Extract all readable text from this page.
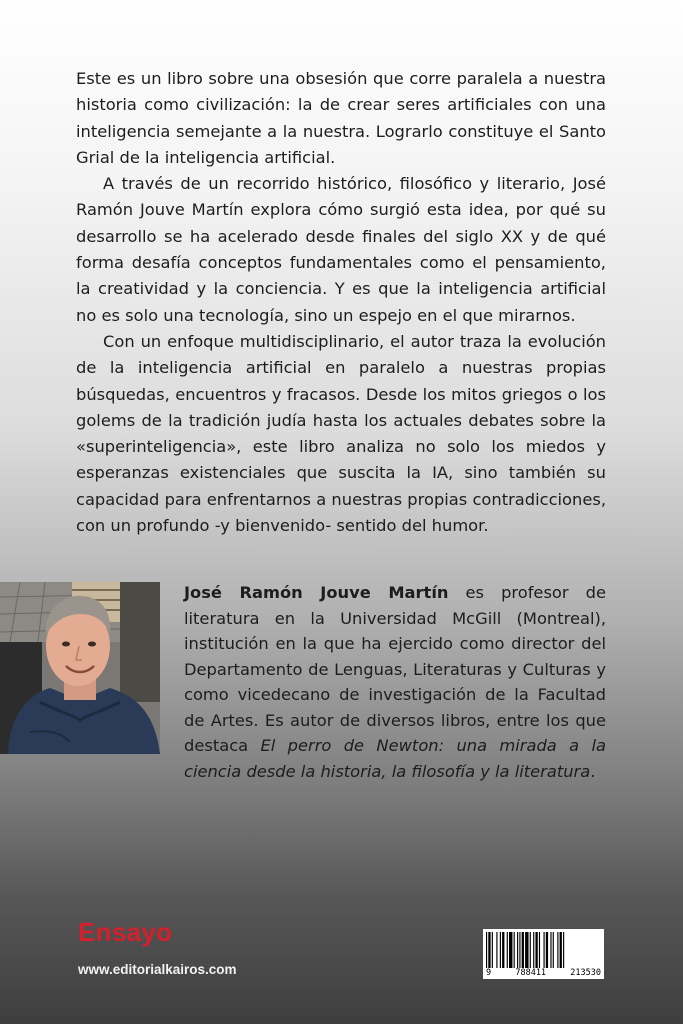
Este es un libro sobre una obsesión que corre paralela a nuestra historia como civilización: la de crear seres artificiales con una inteligencia semejante a la nuestra. Lograrlo constituye el Santo Grial de la inteligencia artificial.

A través de un recorrido histórico, filosófico y literario, José Ramón Jouve Martín explora cómo surgió esta idea, por qué su desarrollo se ha acelerado desde finales del siglo XX y de qué forma desafía conceptos fundamentales como el pensamiento, la creatividad y la conciencia. Y es que la inteligencia artificial no es solo una tecnología, sino un espejo en el que mirarnos.

Con un enfoque multidisciplinario, el autor traza la evolución de la inteligencia artificial en paralelo a nuestras propias búsquedas, encuentros y fracasos. Desde los mitos griegos o los golems de la tradición judía hasta los actuales debates sobre la «superinteligencia», este libro analiza no solo los miedos y esperanzas existenciales que suscita la IA, sino también su capacidad para enfrentarnos a nuestras propias contradicciones, con un profundo -y bienvenido- sentido del humor.

José Ramón Jouve Martín es profesor de literatura en la Universidad McGill (Montreal), institución en la que ha ejercido como director del Departamento de Lenguas, Literaturas y Culturas y como vicedecano de investigación de la Facultad de Artes. Es autor de diversos libros, entre los que destaca El perro de Newton: una mirada a la ciencia desde la historia, la filosofía y la literatura.

Ensayo
www.editorialkairos.com	9	788411	213530
